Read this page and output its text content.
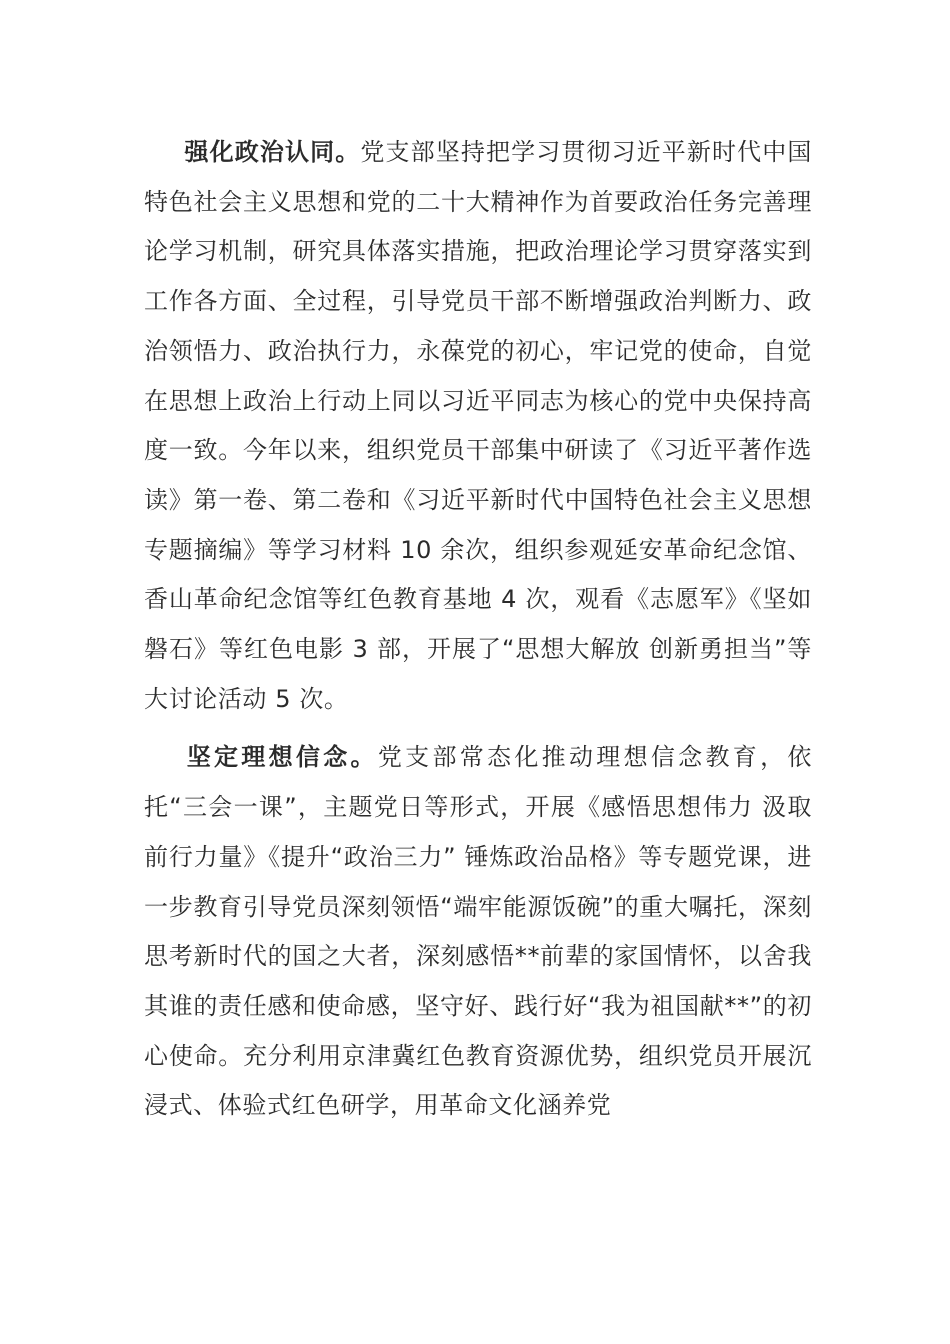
强化政治认同。党支部坚持把学习贯彻习近平新时代中国特色社会主义思想和党的二十大精神作为首要政治任务完善理论学习机制，研究具体落实措施，把政治理论学习贯穿落实到工作各方面、全过程，引导党员干部不断增强政治判断力、政治领悟力、政治执行力，永葆党的初心，牢记党的使命，自觉在思想上政治上行动上同以习近平同志为核心的党中央保持高度一致。今年以来，组织党员干部集中研读了《习近平著作选读》第一卷、第二卷和《习近平新时代中国特色社会主义思想专题摘编》等学习材料 10 余次，组织参观延安革命纪念馆、香山革命纪念馆等红色教育基地 4 次，观看《志愿军》《坚如磐石》等红色电影 3 部，开展了“思想大解放 创新勇担当”等大讨论活动 5 次。

坚定理想信念。党支部常态化推动理想信念教育，依托“三会一课”，主题党日等形式，开展《感悟思想伟力 汲取前行力量》《提升“政治三力” 锤炼政治品格》等专题党课，进一步教育引导党员深刻领悟“端牢能源饭碗”的重大嘱托，深刻思考新时代的国之大者，深刻感悟**前辈的家国情怀，以舍我其谁的责任感和使命感，坚守好、践行好“我为祖国献**”的初心使命。充分利用京津冀红色教育资源优势，组织党员开展沉浸式、体验式红色研学，用革命文化涵养党
